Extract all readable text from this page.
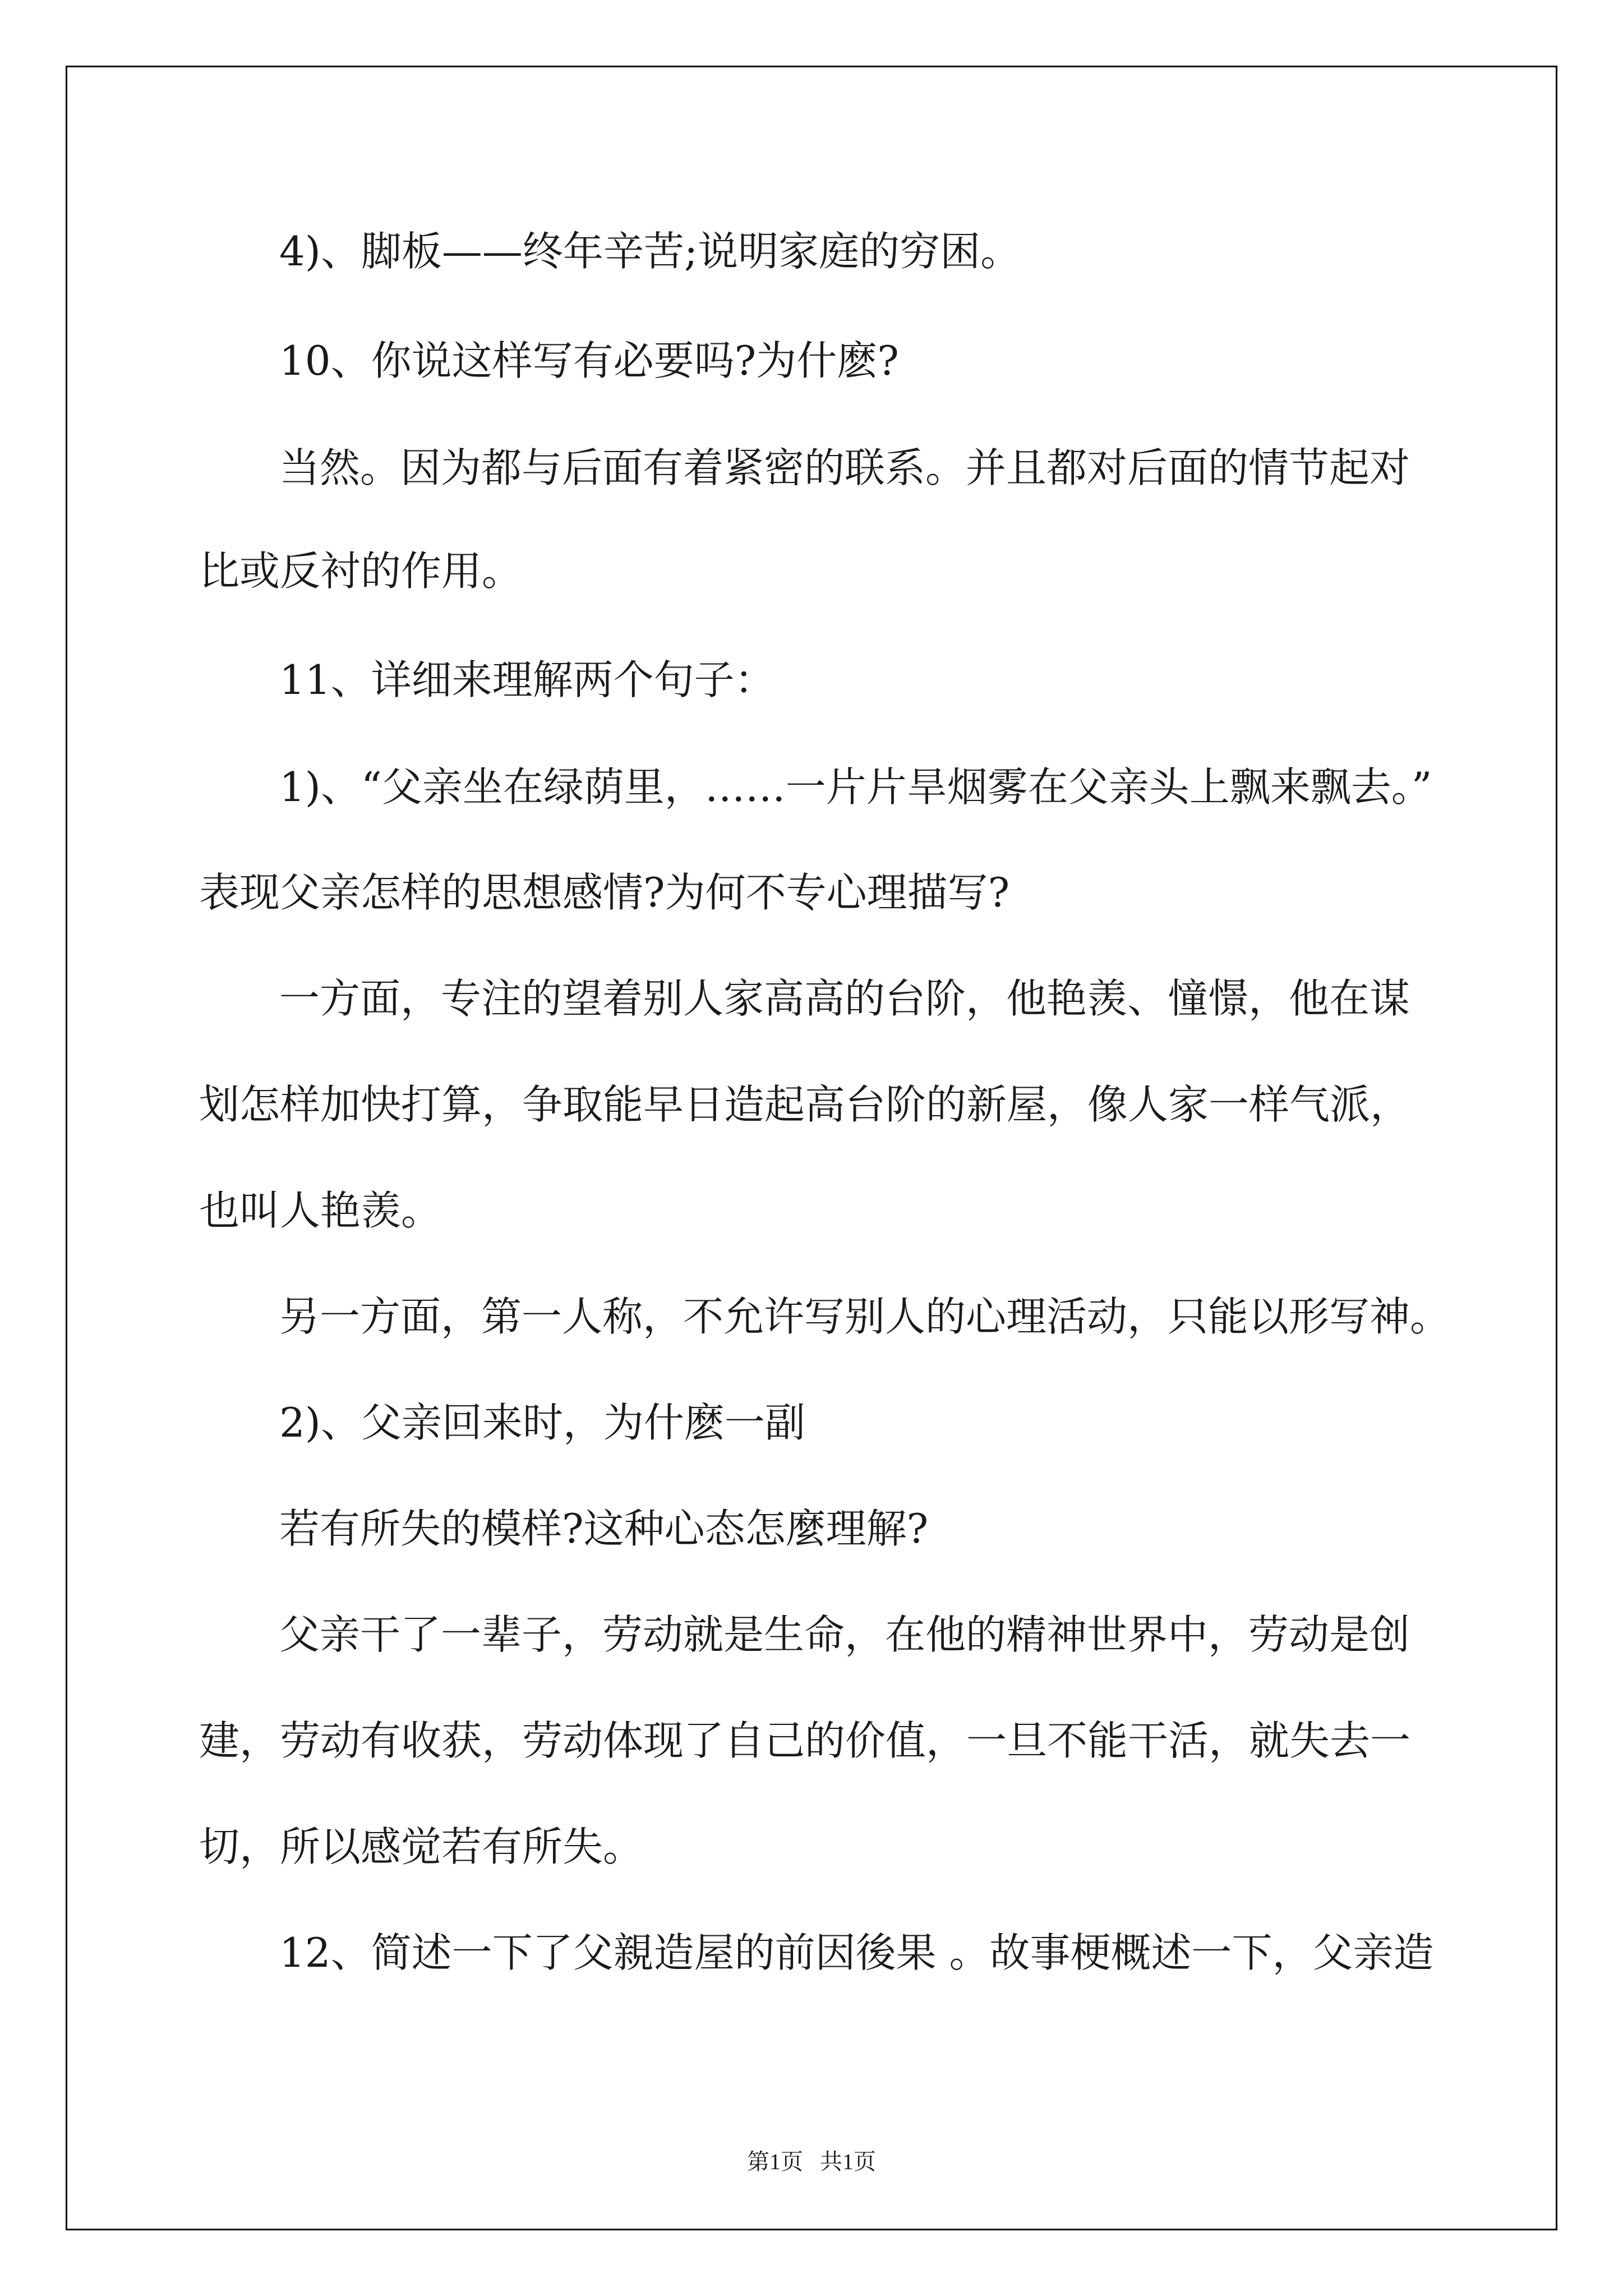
4)、脚板——终年辛苦;说明家庭的穷困。

10、你说这样写有必要吗?为什麽?

当然。因为都与后面有着紧密的联系。并且都对后面的情节起对

比或反衬的作用。

11、详细来理解两个句子：

1)、“父亲坐在绿荫里，……一片片旱烟雾在父亲头上飘来飘去。”

表现父亲怎样的思想感情?为何不专心理描写?

一方面，专注的望着别人家高高的台阶，他艳羡、憧憬，他在谋

划怎样加快打算，争取能早日造起高台阶的新屋，像人家一样气派，

也叫人艳羡。

另一方面，第一人称，不允许写别人的心理活动，只能以形写神。

2)、父亲回来时，为什麽一副

若有所失的模样?这种心态怎麼理解?

父亲干了一辈子，劳动就是生命，在他的精神世界中，劳动是创

建，劳动有收获，劳动体现了自己的价值，一旦不能干活，就失去一

切，所以感觉若有所失。

12、简述一下了父親造屋的前因後果 。故事梗概述一下，父亲造

第1页   共1页
